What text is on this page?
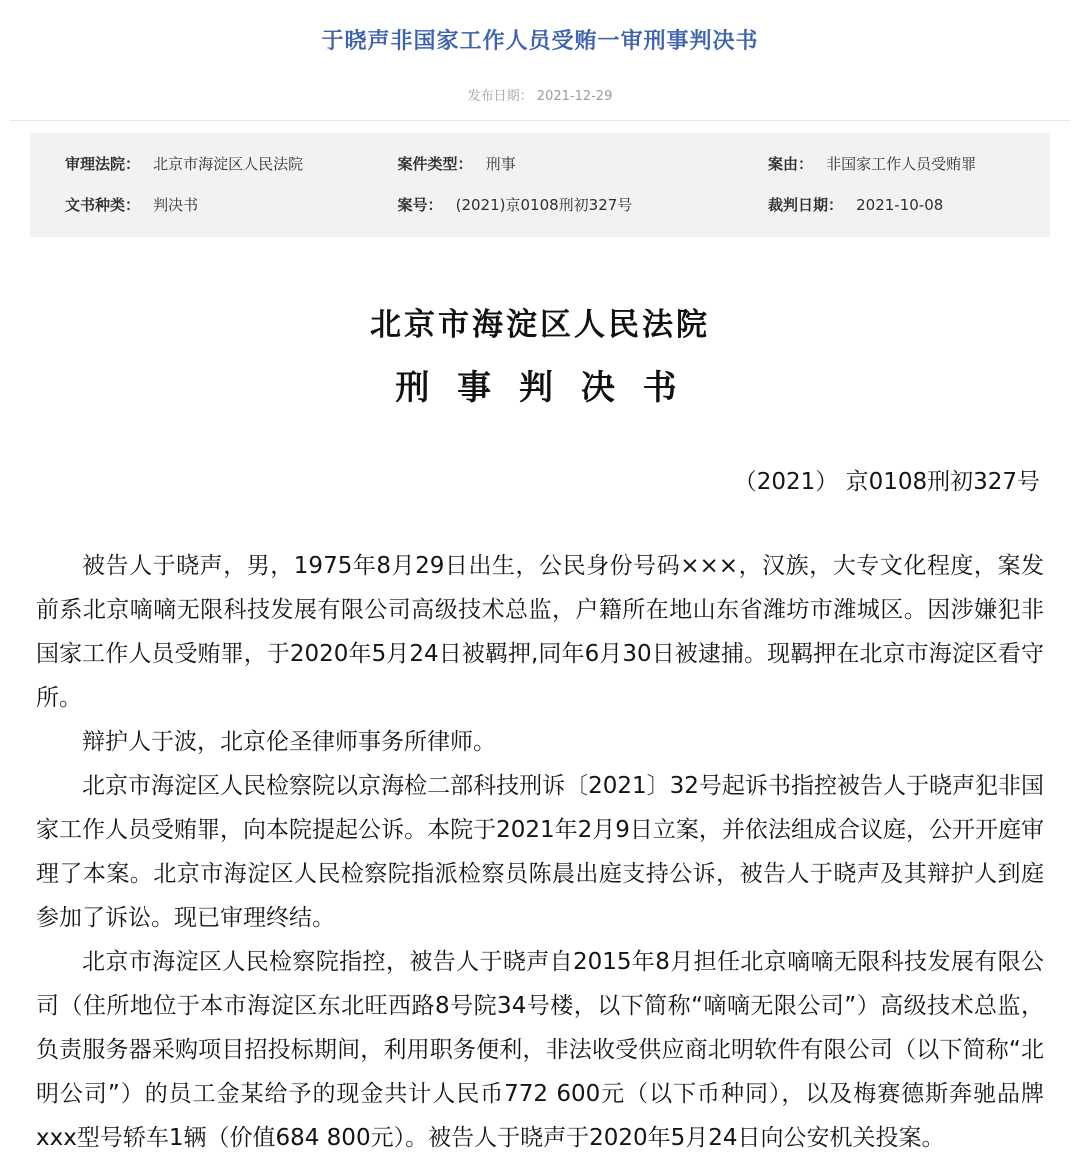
于晓声非国家工作人员受贿一审刑事判决书
发布日期： 2021-12-29
审理法院： 北京市海淀区人民法院	案件类型： 刑事	案由： 非国家工作人员受贿罪
文书种类： 判决书	案号： (2021)京0108刑初327号	裁判日期： 2021-10-08
北京市海淀区人民法院
刑 事 判 决 书
（2021） 京0108刑初327号

被告人于晓声，男，1975年8月29日出生，公民身份号码×××，汉族，大专文化程度，案发前系北京嘀嘀无限科技发展有限公司高级技术总监，户籍所在地山东省潍坊市潍城区。因涉嫌犯非国家工作人员受贿罪，于2020年5月24日被羁押,同年6月30日被逮捕。现羁押在北京市海淀区看守所。

辩护人于波，北京伦圣律师事务所律师。

北京市海淀区人民检察院以京海检二部科技刑诉〔2021〕32号起诉书指控被告人于晓声犯非国家工作人员受贿罪，向本院提起公诉。本院于2021年2月9日立案，并依法组成合议庭，公开开庭审理了本案。北京市海淀区人民检察院指派检察员陈晨出庭支持公诉，被告人于晓声及其辩护人到庭参加了诉讼。现已审理终结。

北京市海淀区人民检察院指控，被告人于晓声自2015年8月担任北京嘀嘀无限科技发展有限公司（住所地位于本市海淀区东北旺西路8号院34号楼，以下简称“嘀嘀无限公司”）高级技术总监，负责服务器采购项目招投标期间，利用职务便利，非法收受供应商北明软件有限公司（以下简称“北明公司”）的员工金某给予的现金共计人民币772 600元（以下币种同），以及梅赛德斯奔驰品牌xxx型号轿车1辆（价值684 800元）。被告人于晓声于2020年5月24日向公安机关投案。
